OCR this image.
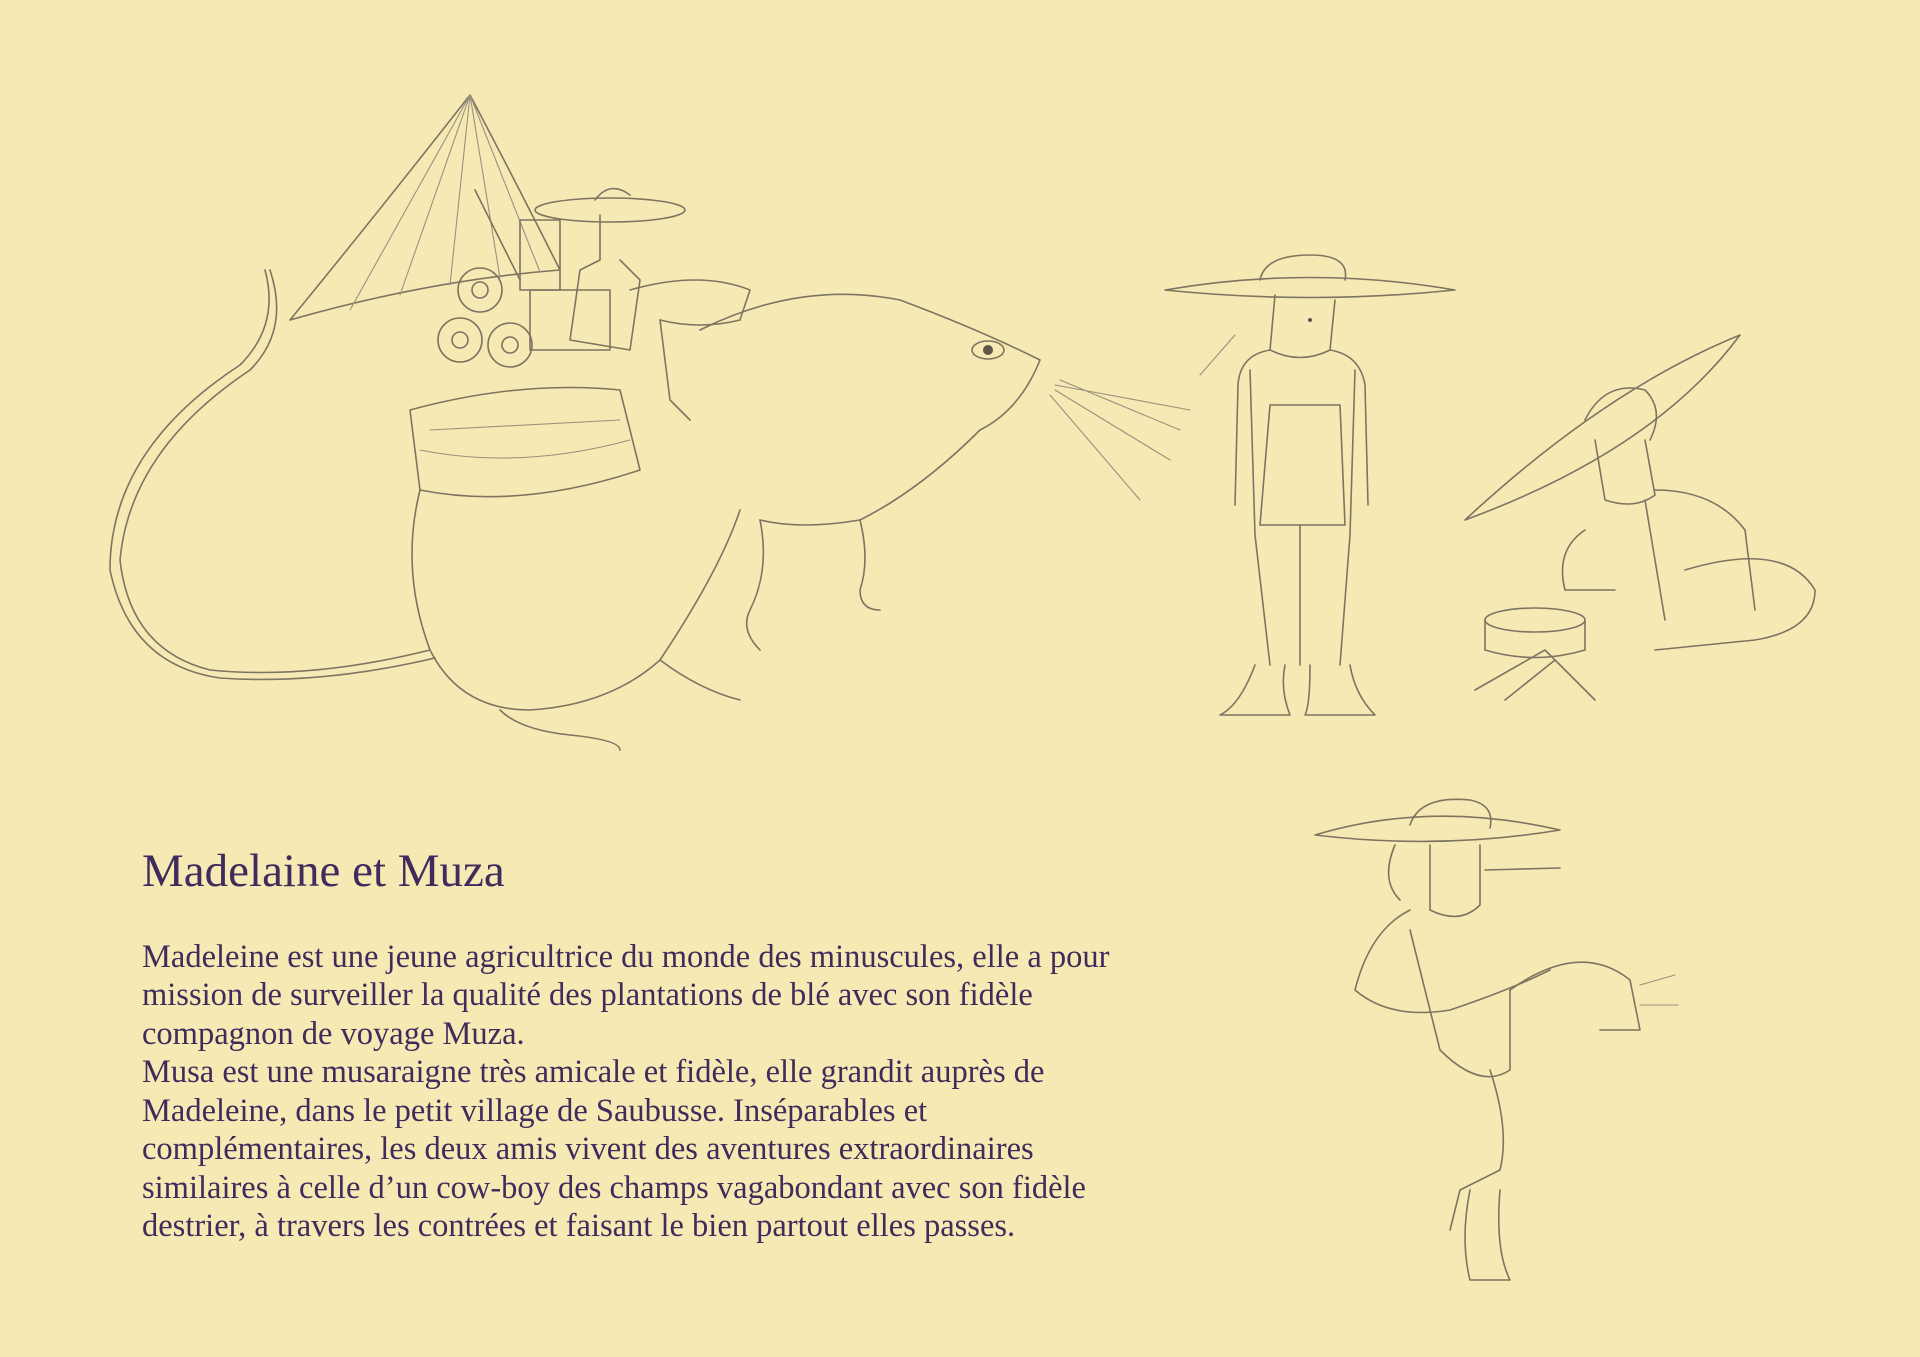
Madelaine et Muza

Madeleine est une jeune agricultrice du monde des minuscules, elle a pour
mission de surveiller la qualité des plantations de blé avec son fidèle
compagnon de voyage Muza.
Musa est une musaraigne très amicale et fidèle, elle grandit auprès de
Madeleine, dans le petit village de Saubusse. Inséparables et
complémentaires, les deux amis vivent des aventures extraordinaires
similaires à celle d’un cow-boy des champs vagabondant avec son fidèle
destrier, à travers les contrées et faisant le bien partout elles passes.
